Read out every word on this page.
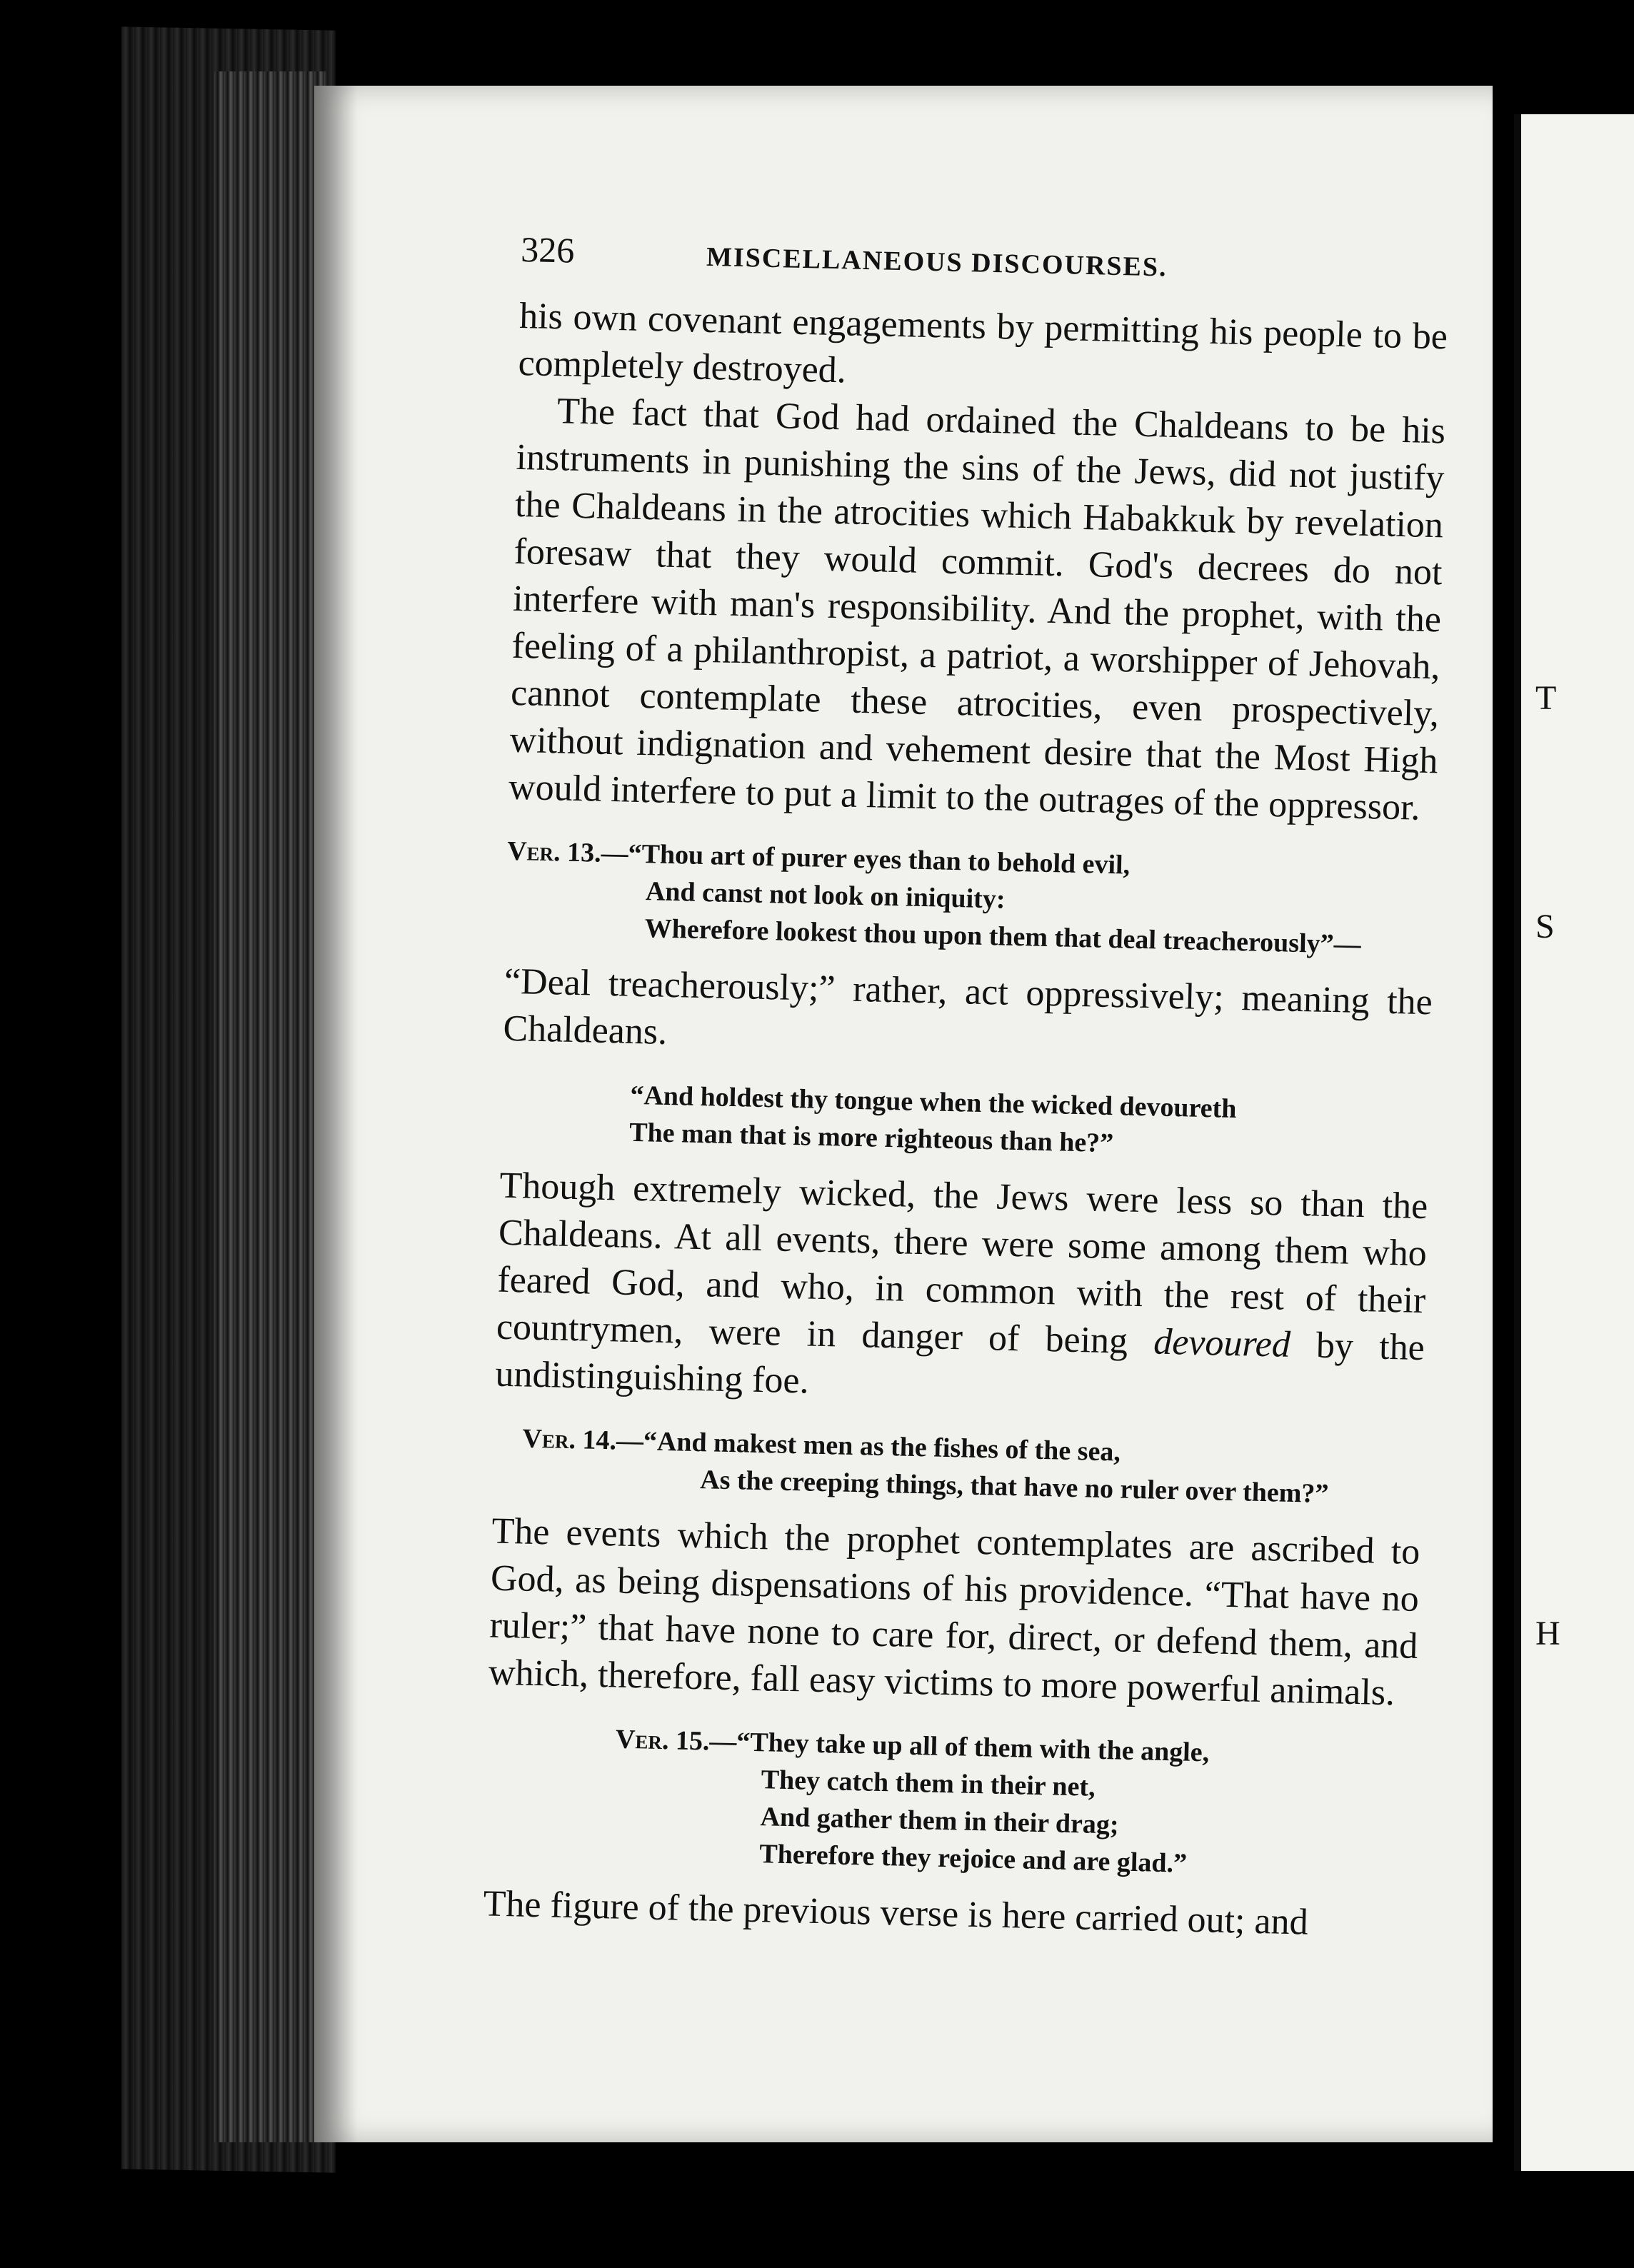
T
S
H
326	MISCELLANEOUS DISCOURSES.

his own covenant engagements by permitting his people to be completely destroyed.

The fact that God had ordained the Chaldeans to be his instruments in punishing the sins of the Jews, did not justify the Chaldeans in the atrocities which Habakkuk by revelation foresaw that they would commit. God's decrees do not interfere with man's responsibility. And the prophet, with the feeling of a philanthropist, a patriot, a worshipper of Jehovah, cannot contemplate these atrocities, even prospectively, without indignation and vehement desire that the Most High would interfere to put a limit to the outrages of the oppressor.

Ver. 13.—“Thou art of purer eyes than to behold evil,
And canst not look on iniquity:
Wherefore lookest thou upon them that deal treacherously”—

“Deal treacherously;” rather, act oppressively; meaning the Chaldeans.

“And holdest thy tongue when the wicked devoureth
The man that is more righteous than he?”

Though extremely wicked, the Jews were less so than the Chaldeans. At all events, there were some among them who feared God, and who, in common with the rest of their countrymen, were in danger of being devoured by the undistinguishing foe.

Ver. 14.—“And makest men as the fishes of the sea,
As the creeping things, that have no ruler over them?”

The events which the prophet contemplates are ascribed to God, as being dispensations of his providence. “That have no ruler;” that have none to care for, direct, or defend them, and which, therefore, fall easy victims to more powerful animals.

Ver. 15.—“They take up all of them with the angle,
They catch them in their net,
And gather them in their drag;
Therefore they rejoice and are glad.”

The figure of the previous verse is here carried out; and
